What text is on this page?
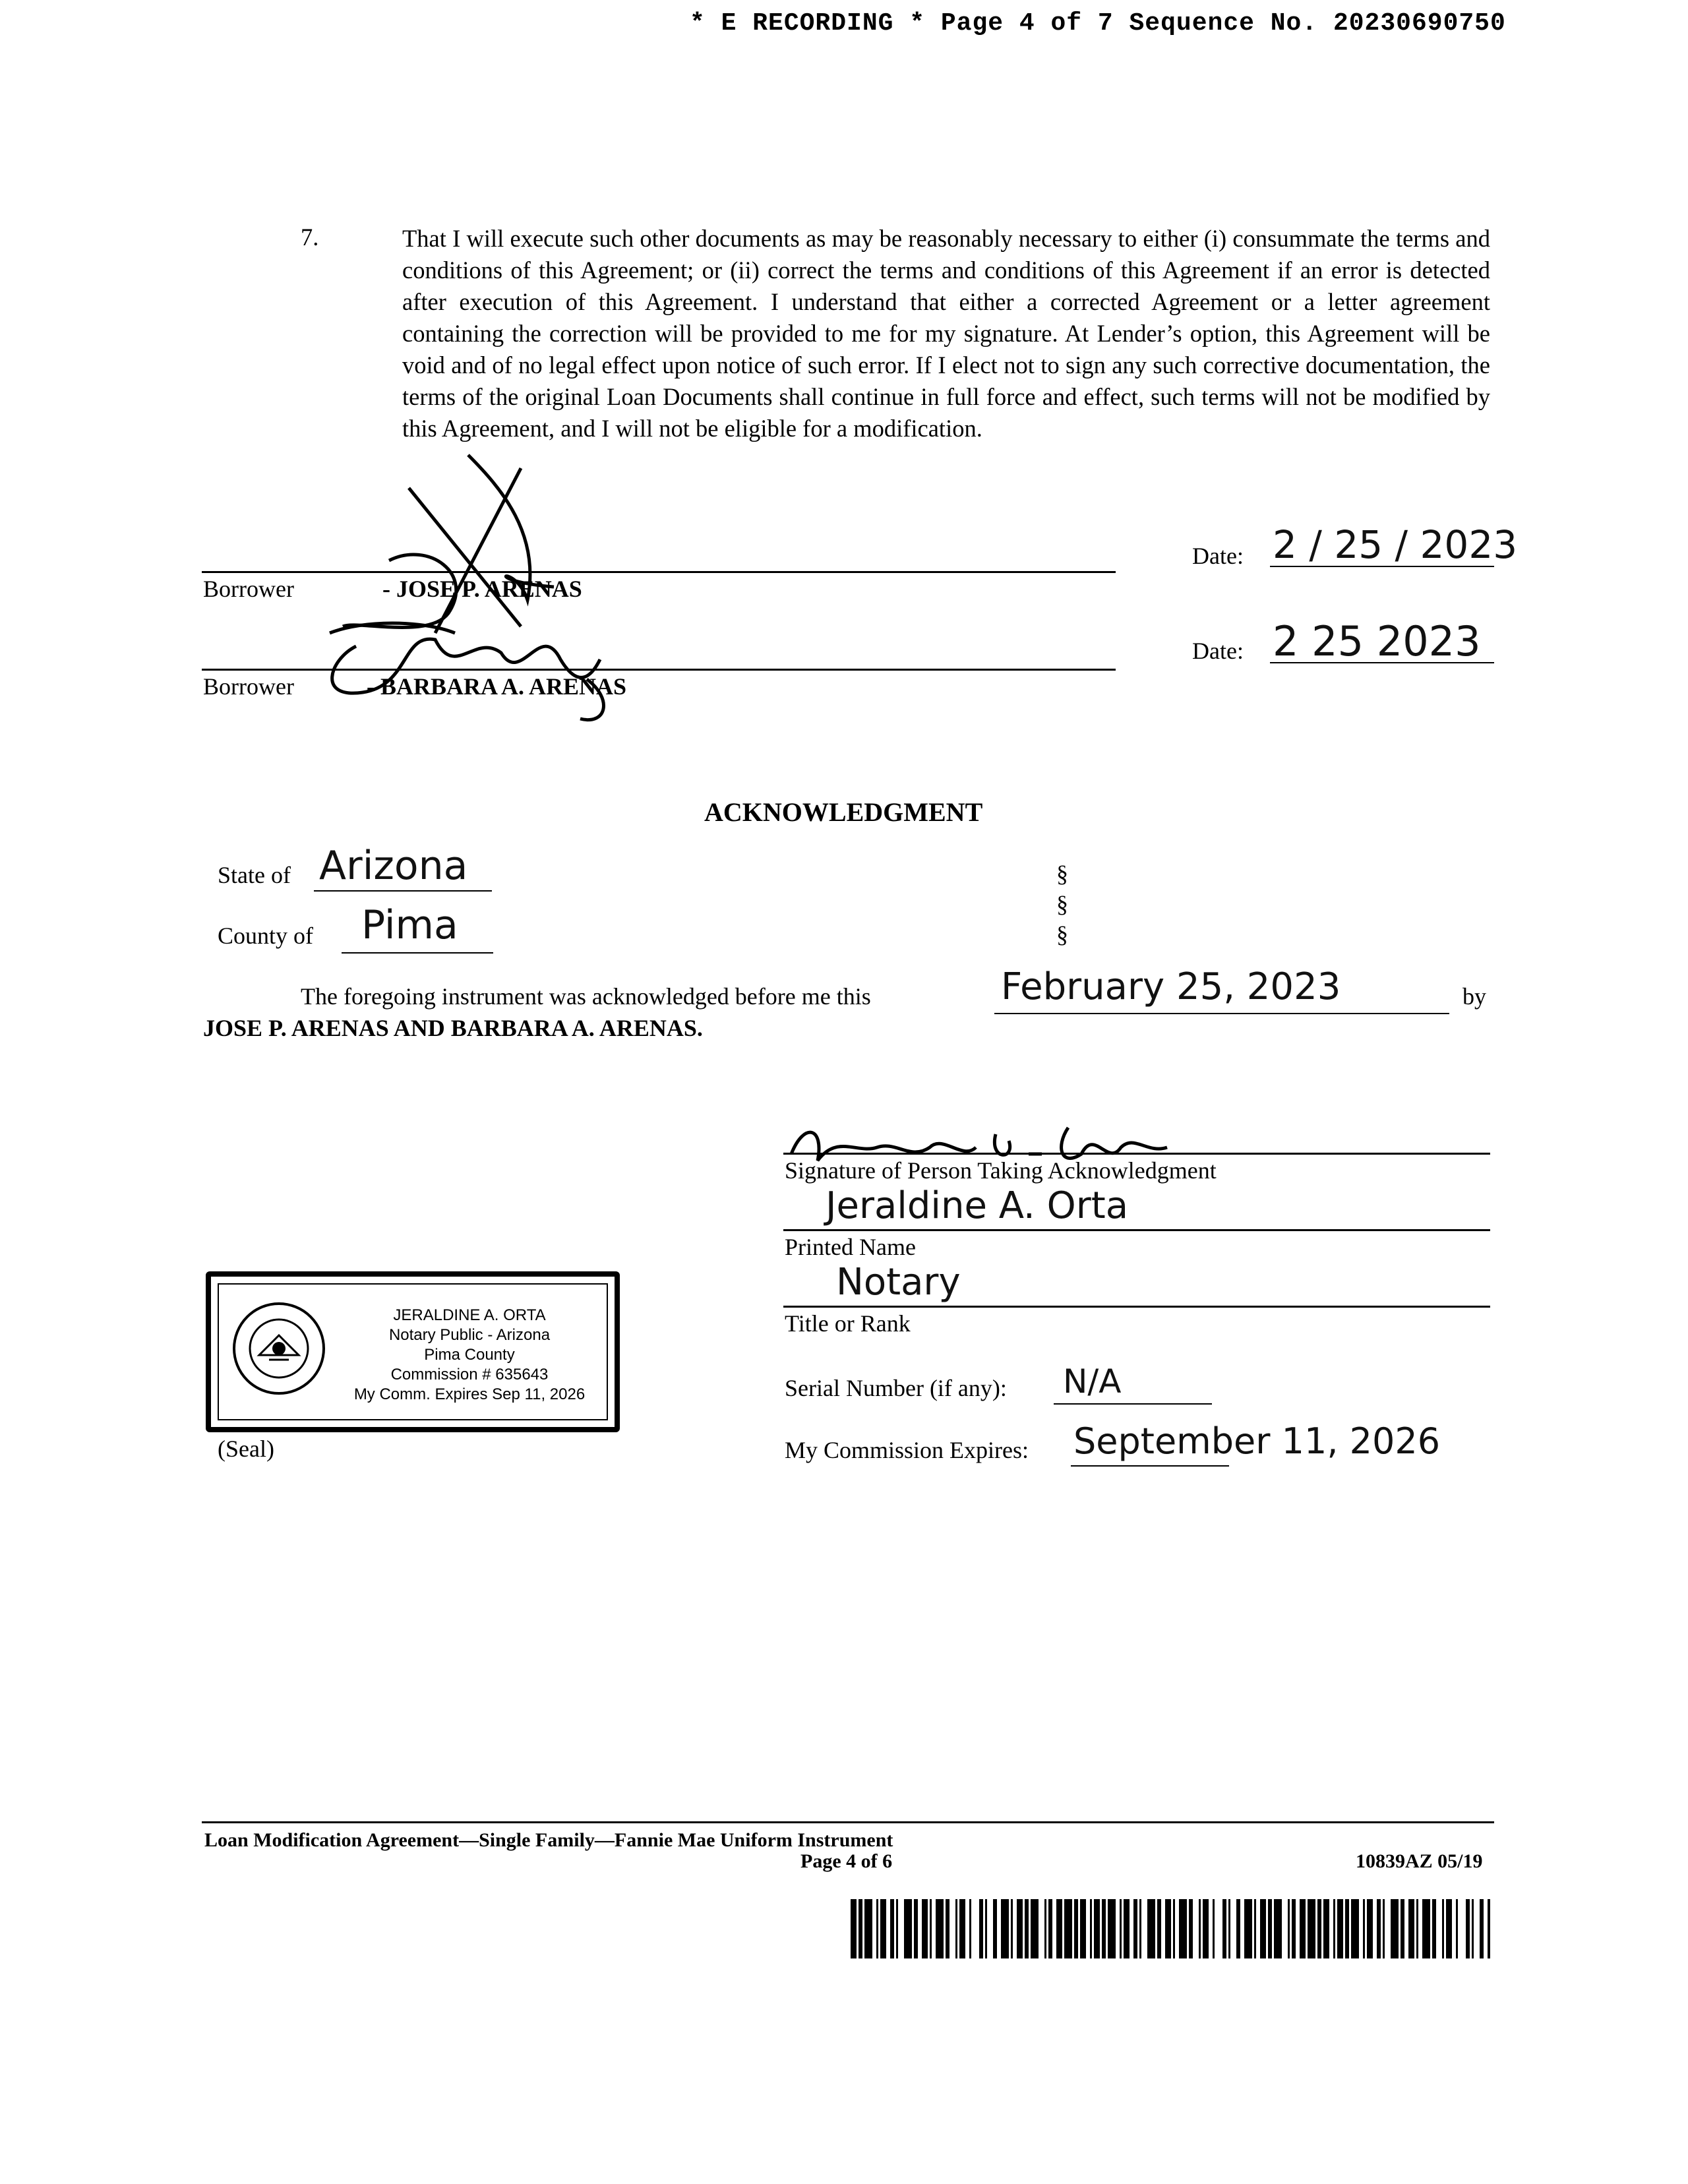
* E RECORDING * Page 4 of 7 Sequence No. 20230690750
7.	That I will execute such other documents as may be reasonably necessary to either (i) consummate the terms and conditions of this Agreement; or (ii) correct the terms and conditions of this Agreement if an error is detected after execution of this Agreement. I understand that either a corrected Agreement or a letter agreement containing the correction will be provided to me for my signature. At Lender’s option, this Agreement will be void and of no legal effect upon notice of such error. If I elect not to sign any such corrective documentation, the terms of the original Loan Documents shall continue in full force and effect, such terms will not be modified by this Agreement, and I will not be eligible for a modification.
Borrower	- JOSE P. ARENAS
Date: 2 / 25 / 2023
Borrower	- BARBARA A. ARENAS
Date: 2 25 2023
ACKNOWLEDGMENT
State of Arizona
County of Pima
§
§
§
The foregoing instrument was acknowledged before me this	February 25, 2023	by
JOSE P. ARENAS AND BARBARA A. ARENAS.
Signature of Person Taking Acknowledgment
Jeraldine A. Orta
Printed Name
Notary
Title or Rank
Serial Number (if any): N/A
My Commission Expires: September 11, 2026
JERALDINE A. ORTA
Notary Public - Arizona
Pima County
Commission # 635643
My Comm. Expires Sep 11, 2026
(Seal)
Loan Modification Agreement—Single Family—Fannie Mae Uniform Instrument
Page 4 of 6	10839AZ 05/19
